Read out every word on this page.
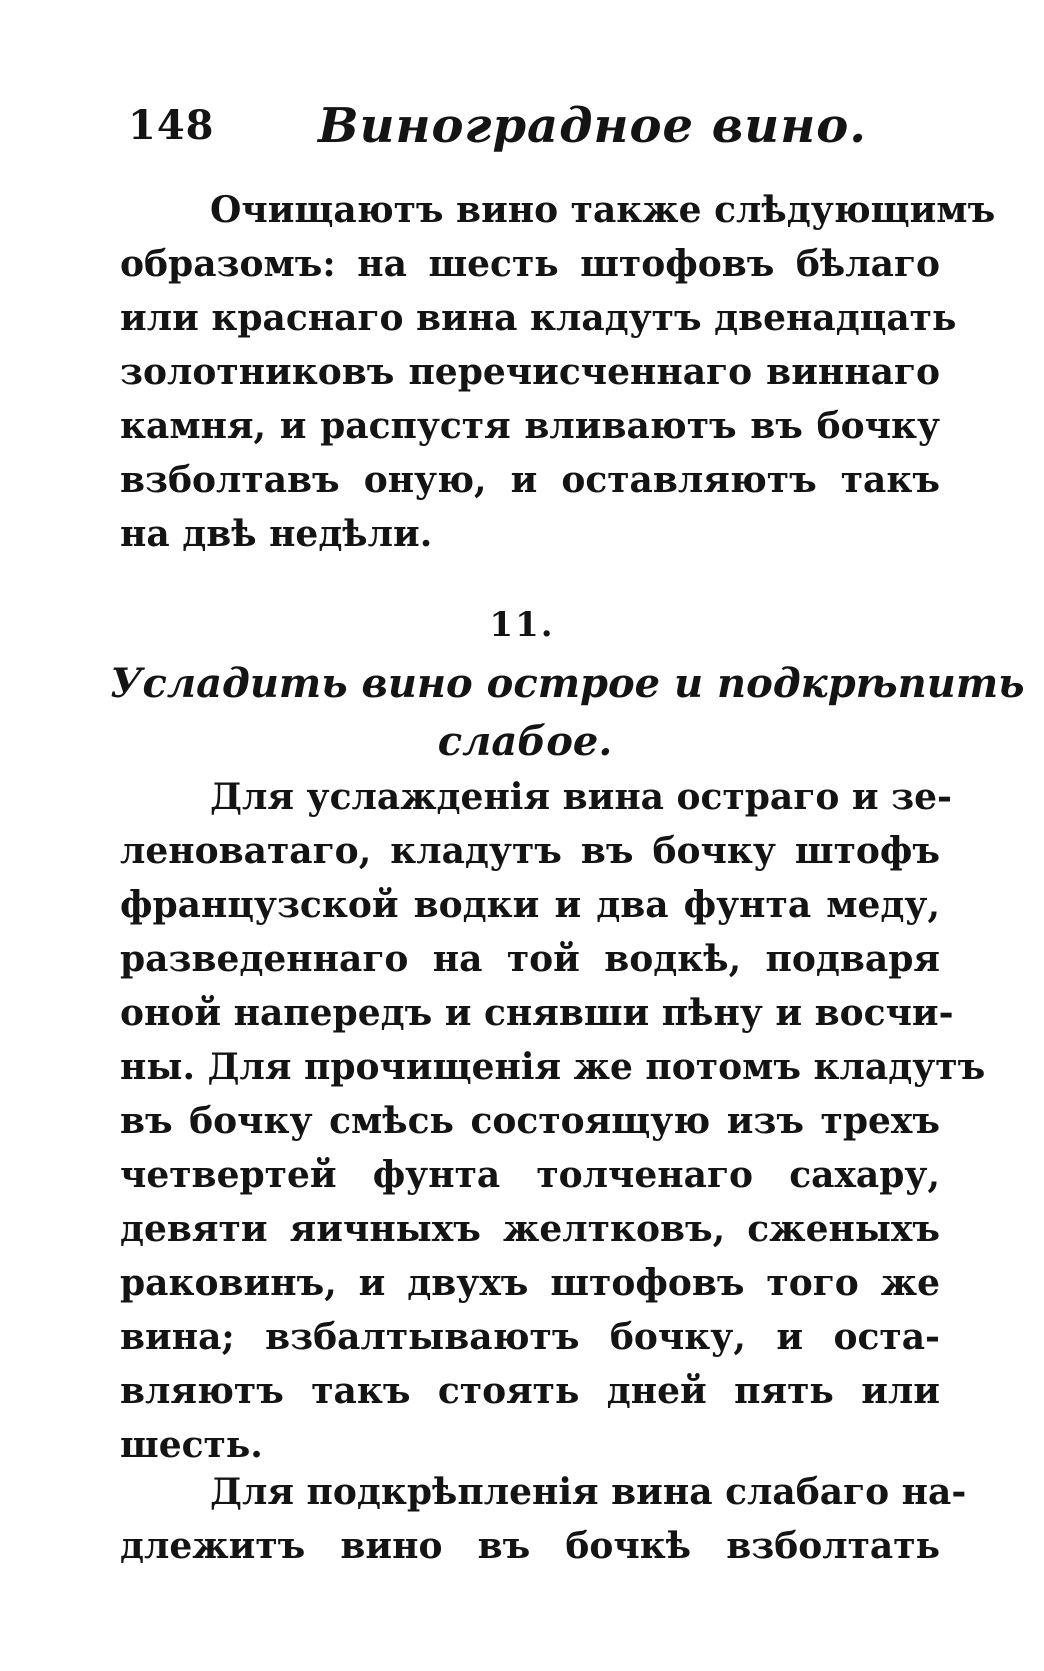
148 Виноградное вино.
Очищаютъ вино также слѣдующимъ
образомъ: на шесть штофовъ бѣлаго
или краснаго вина кладутъ двенадцать
золотниковъ перечисченнаго виннаго
камня, и распустя вливаютъ въ бочку
взболтавъ оную, и оставляютъ такъ
на двѣ недѣли.
11.
Усладить вино острое и подкрѣпить
слабое.
Для услажденія вина остраго и зе-
леноватаго, кладутъ въ бочку штофъ
французской водки и два фунта меду,
разведеннаго на той водкѣ, подваря
оной напередъ и снявши пѣну и восчи-
ны. Для прочищенія же потомъ кладутъ
въ бочку смѣсь состоящую изъ трехъ
четвертей фунта толченаго сахару,
девяти яичныхъ желтковъ, сженыхъ
раковинъ, и двухъ штофовъ того же
вина; взбалтываютъ бочку, и оста-
вляютъ такъ стоять дней пять или
шесть.
Для подкрѣпленія вина слабаго на-
длежитъ вино въ бочкѣ взболтать
